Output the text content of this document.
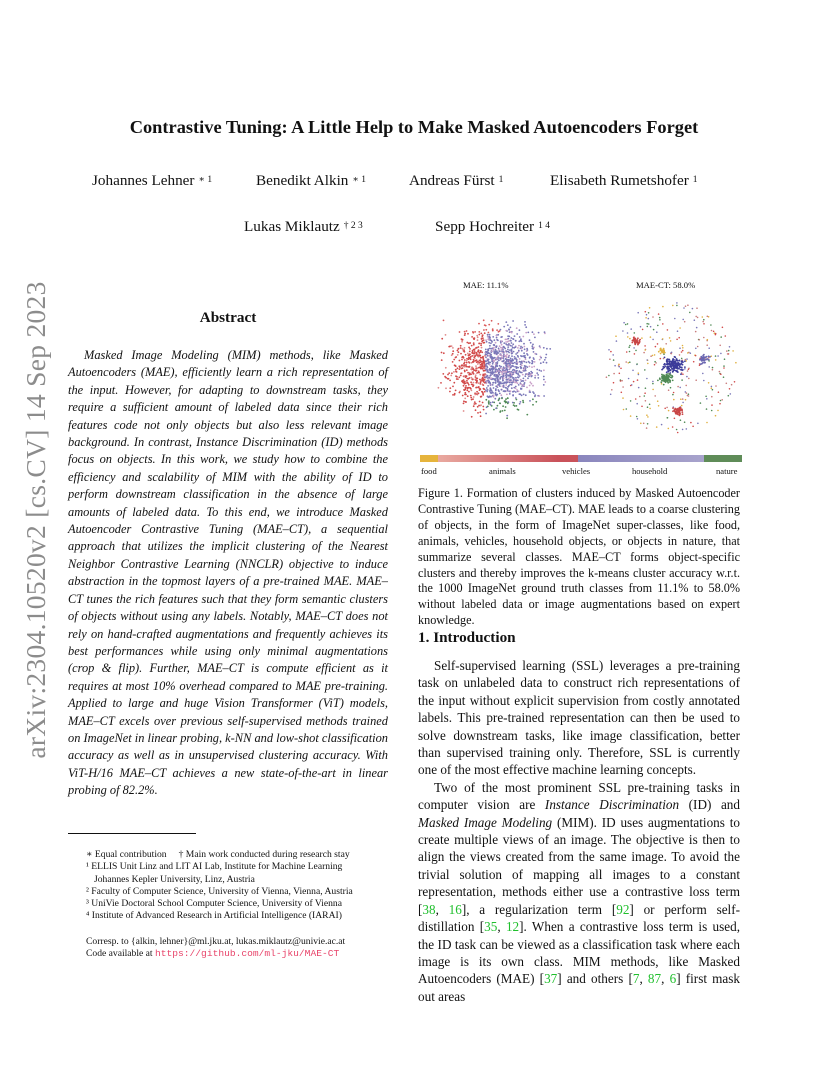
arXiv:2304.10520v2 [cs.CV] 14 Sep 2023
Contrastive Tuning: A Little Help to Make Masked Autoencoders Forget
Johannes Lehner $^{∗ 1}$	Benedikt Alkin $^{∗ 1}$	Andreas Fürst $^1$	Elisabeth Rumetshofer $^1$
Lukas Miklautz $^{\dagger 2 3}$	Sepp Hochreiter $^{1 4}$
Abstract

Masked Image Modeling (MIM) methods, like Masked Autoencoders (MAE), efficiently learn a rich representation of the input. However, for adapting to downstream tasks, they require a sufficient amount of labeled data since their rich features code not only objects but also less relevant image background. In contrast, Instance Discrimination (ID) methods focus on objects. In this work, we study how to combine the efficiency and scalability of MIM with the ability of ID to perform downstream classification in the absence of large amounts of labeled data. To this end, we introduce Masked Autoencoder Contrastive Tuning (MAE–CT), a sequential approach that utilizes the implicit clustering of the Nearest Neighbor Contrastive Learning (NNCLR) objective to induce abstraction in the topmost layers of a pre-trained MAE. MAE–CT tunes the rich features such that they form semantic clusters of objects without using any labels. Notably, MAE–CT does not rely on hand-crafted augmentations and frequently achieves its best performances while using only minimal augmentations (crop & flip). Further, MAE–CT is compute efficient as it requires at most 10% overhead compared to MAE pre-training. Applied to large and huge Vision Transformer (ViT) models, MAE–CT excels over previous self-supervised methods trained on ImageNet in linear probing, k-NN and low-shot classification accuracy as well as in unsupervised clustering accuracy. With ViT-H/16 MAE–CT achieves a new state-of-the-art in linear probing of 82.2%.

∗ Equal contribution † Main work conducted during research stay
¹ ELLIS Unit Linz and LIT AI Lab, Institute for Machine Learning
Johannes Kepler University, Linz, Austria
² Faculty of Computer Science, University of Vienna, Vienna, Austria
³ UniVie Doctoral School Computer Science, University of Vienna
⁴ Institute of Advanced Research in Artificial Intelligence (IARAI)
Corresp. to {alkin, lehner}@ml.jku.at, lukas.miklautz@univie.ac.at
Code available at https://github.com/ml-jku/MAE-CT
MAE: 11.1%	MAE-CT: 58.0%
food	animals	vehicles	household	nature

Figure 1. Formation of clusters induced by Masked Autoencoder Contrastive Tuning (MAE–CT). MAE leads to a coarse clustering of objects, in the form of ImageNet super-classes, like food, animals, vehicles, household objects, or objects in nature, that summarize several classes. MAE–CT forms object-specific clusters and thereby improves the k-means cluster accuracy w.r.t. the 1000 ImageNet ground truth classes from 11.1% to 58.0% without labeled data or image augmentations based on expert knowledge.

1. Introduction

Self-supervised learning (SSL) leverages a pre-training task on unlabeled data to construct rich representations of the input without explicit supervision from costly annotated labels. This pre-trained representation can then be used to solve downstream tasks, like image classification, better than supervised training only. Therefore, SSL is currently one of the most effective machine learning concepts.

Two of the most prominent SSL pre-training tasks in computer vision are Instance Discrimination (ID) and Masked Image Modeling (MIM). ID uses augmentations to create multiple views of an image. The objective is then to align the views created from the same image. To avoid the trivial solution of mapping all images to a constant representation, methods either use a contrastive loss term [38, 16], a regularization term [92] or perform self-distillation [35, 12]. When a contrastive loss term is used, the ID task can be viewed as a classification task where each image is its own class. MIM methods, like Masked Autoencoders (MAE) [37] and others [7, 87, 6] first mask out areas
